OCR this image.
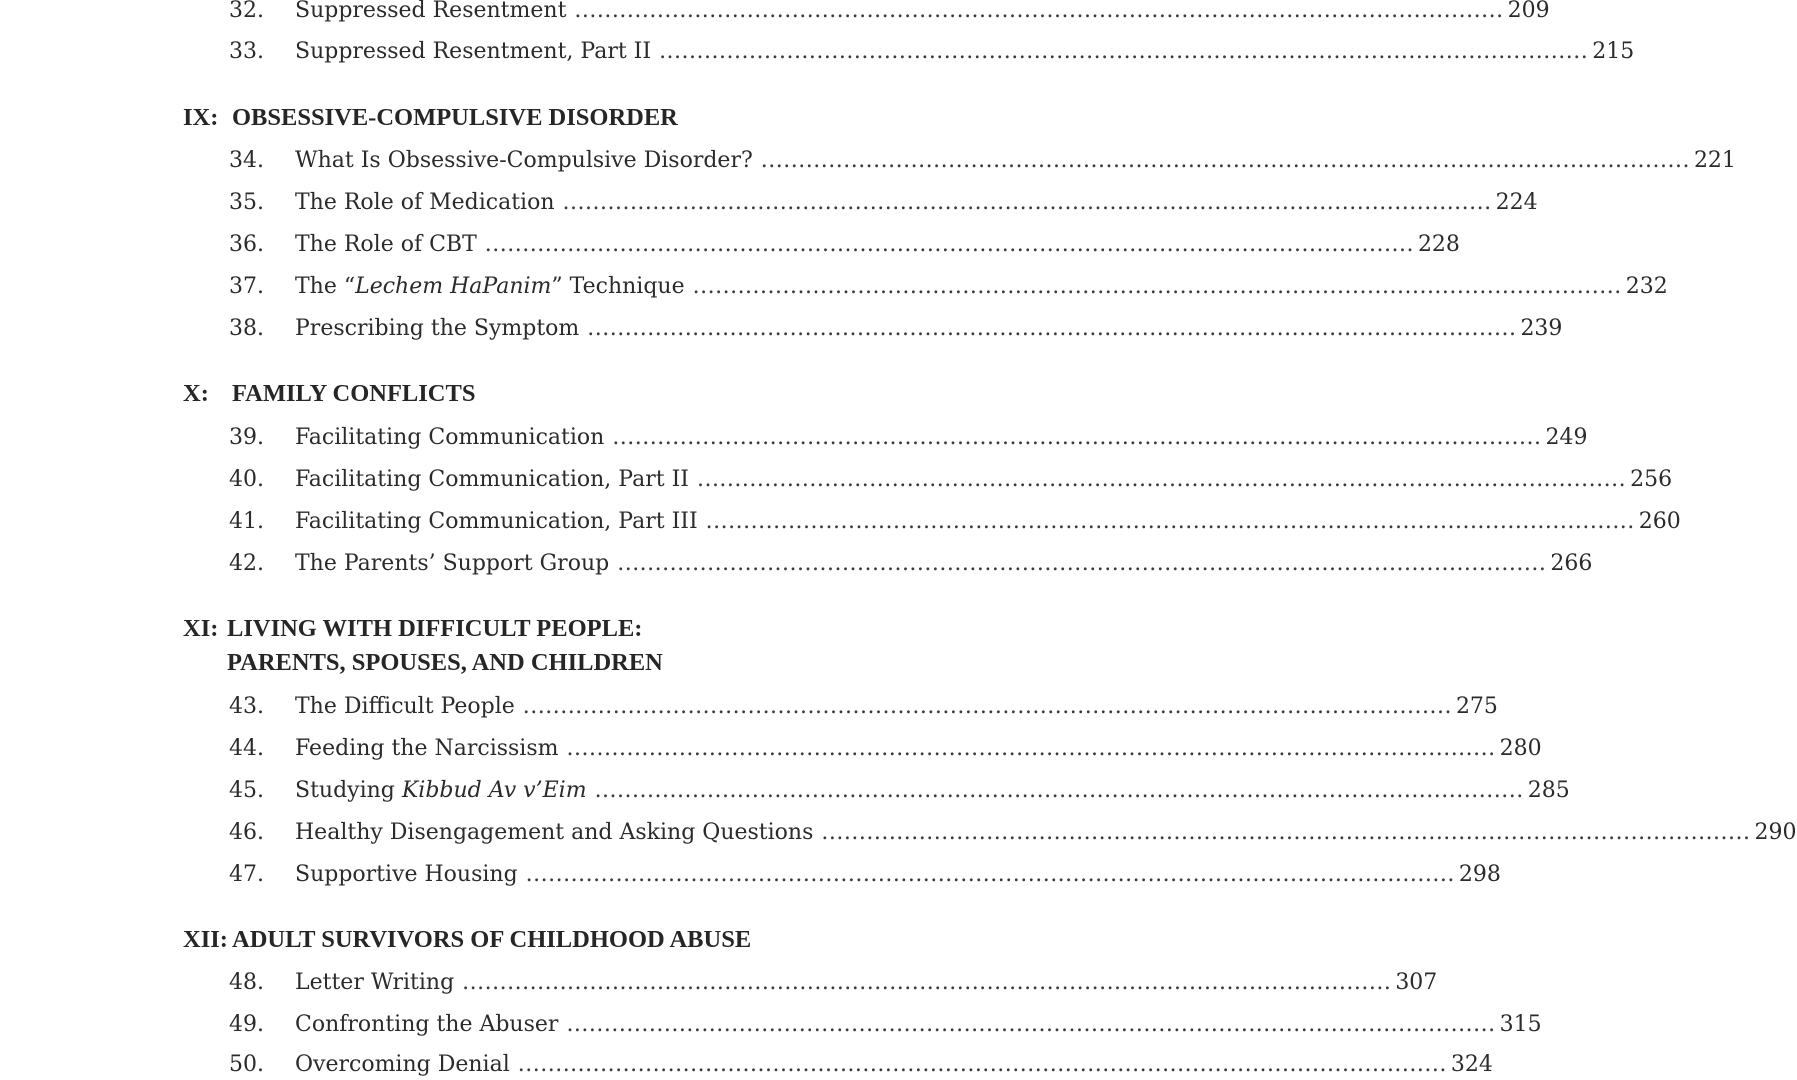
32. Suppressed Resentment ............................................................................................................................ 209
33. Suppressed Resentment, Part II ............................................................................................................................ 215
IX: OBSESSIVE-COMPULSIVE DISORDER
34. What Is Obsessive-Compulsive Disorder? ............................................................................................................................ 221
35. The Role of Medication ............................................................................................................................ 224
36. The Role of CBT ............................................................................................................................ 228
37. The “Lechem HaPanim” Technique ............................................................................................................................ 232
38. Prescribing the Symptom ............................................................................................................................ 239
X: FAMILY CONFLICTS
39. Facilitating Communication ............................................................................................................................ 249
40. Facilitating Communication, Part II ............................................................................................................................ 256
41. Facilitating Communication, Part III ............................................................................................................................ 260
42. The Parents’ Support Group ............................................................................................................................ 266
XI: LIVING WITH DIFFICULT PEOPLE:
PARENTS, SPOUSES, AND CHILDREN
43. The Difficult People ............................................................................................................................ 275
44. Feeding the Narcissism ............................................................................................................................ 280
45. Studying Kibbud Av v’Eim ............................................................................................................................ 285
46. Healthy Disengagement and Asking Questions ............................................................................................................................ 290
47. Supportive Housing ............................................................................................................................ 298
XII: ADULT SURVIVORS OF CHILDHOOD ABUSE
48. Letter Writing ............................................................................................................................ 307
49. Confronting the Abuser ............................................................................................................................ 315
50. Overcoming Denial ............................................................................................................................ 324
